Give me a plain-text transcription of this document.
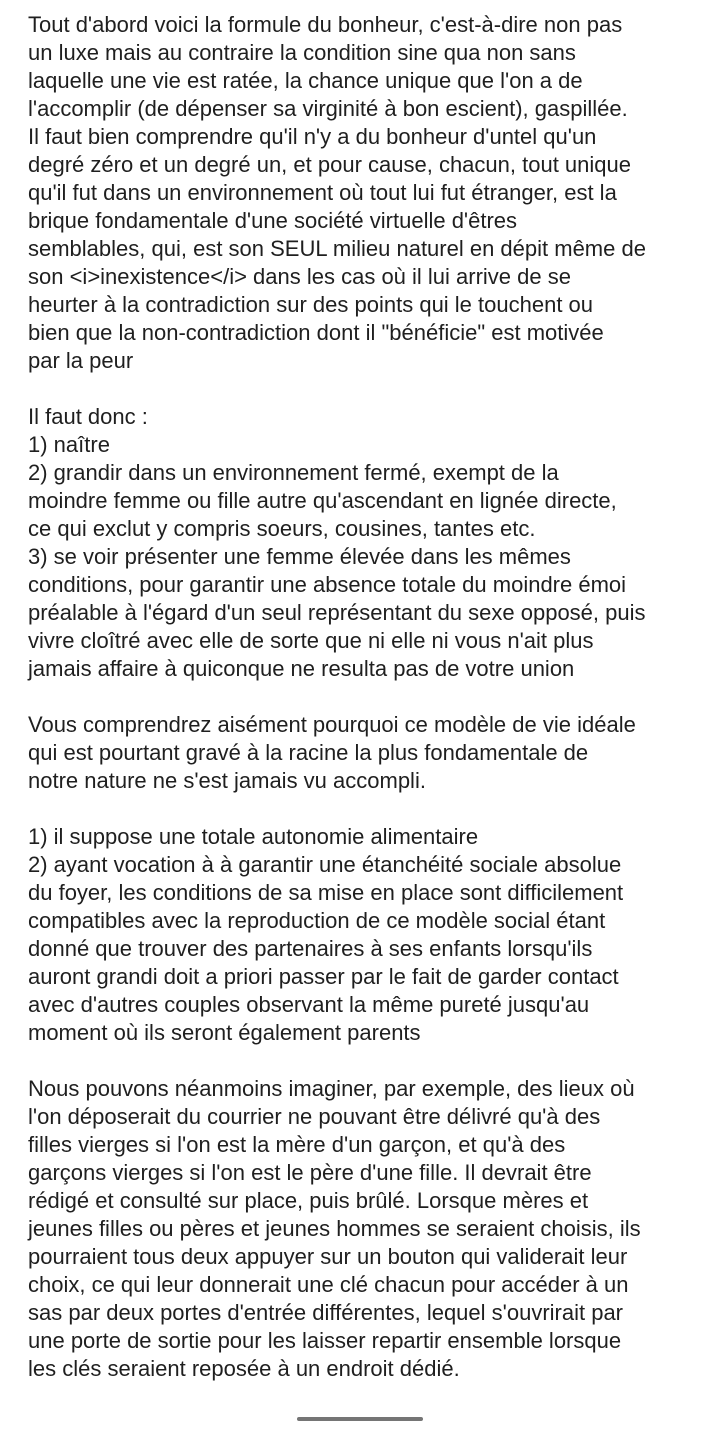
Tout d'abord voici la formule du bonheur, c'est-à-dire non pas
un luxe mais au contraire la condition sine qua non sans
laquelle une vie est ratée, la chance unique que l'on a de
l'accomplir (de dépenser sa virginité à bon escient), gaspillée.
Il faut bien comprendre qu'il n'y a du bonheur d'untel qu'un
degré zéro et un degré un, et pour cause, chacun, tout unique
qu'il fut dans un environnement où tout lui fut étranger, est la
brique fondamentale d'une société virtuelle d'êtres
semblables, qui, est son SEUL milieu naturel en dépit même de
son <i>inexistence</i> dans les cas où il lui arrive de se
heurter à la contradiction sur des points qui le touchent ou
bien que la non-contradiction dont il "bénéficie" est motivée
par la peur
Il faut donc :
1) naître
2) grandir dans un environnement fermé, exempt de la
moindre femme ou fille autre qu'ascendant en lignée directe,
ce qui exclut y compris soeurs, cousines, tantes etc.
3) se voir présenter une femme élevée dans les mêmes
conditions, pour garantir une absence totale du moindre émoi
préalable à l'égard d'un seul représentant du sexe opposé, puis
vivre cloîtré avec elle de sorte que ni elle ni vous n'ait plus
jamais affaire à quiconque ne resulta pas de votre union
Vous comprendrez aisément pourquoi ce modèle de vie idéale
qui est pourtant gravé à la racine la plus fondamentale de
notre nature ne s'est jamais vu accompli.
1) il suppose une totale autonomie alimentaire
2) ayant vocation à à garantir une étanchéité sociale absolue
du foyer, les conditions de sa mise en place sont difficilement
compatibles avec la reproduction de ce modèle social étant
donné que trouver des partenaires à ses enfants lorsqu'ils
auront grandi doit a priori passer par le fait de garder contact
avec d'autres couples observant la même pureté jusqu'au
moment où ils seront également parents
Nous pouvons néanmoins imaginer, par exemple, des lieux où
l'on déposerait du courrier ne pouvant être délivré qu'à des
filles vierges si l'on est la mère d'un garçon, et qu'à des
garçons vierges si l'on est le père d'une fille. Il devrait être
rédigé et consulté sur place, puis brûlé. Lorsque mères et
jeunes filles ou pères et jeunes hommes se seraient choisis, ils
pourraient tous deux appuyer sur un bouton qui validerait leur
choix, ce qui leur donnerait une clé chacun pour accéder à un
sas par deux portes d'entrée différentes, lequel s'ouvrirait par
une porte de sortie pour les laisser repartir ensemble lorsque
les clés seraient reposée à un endroit dédié.
